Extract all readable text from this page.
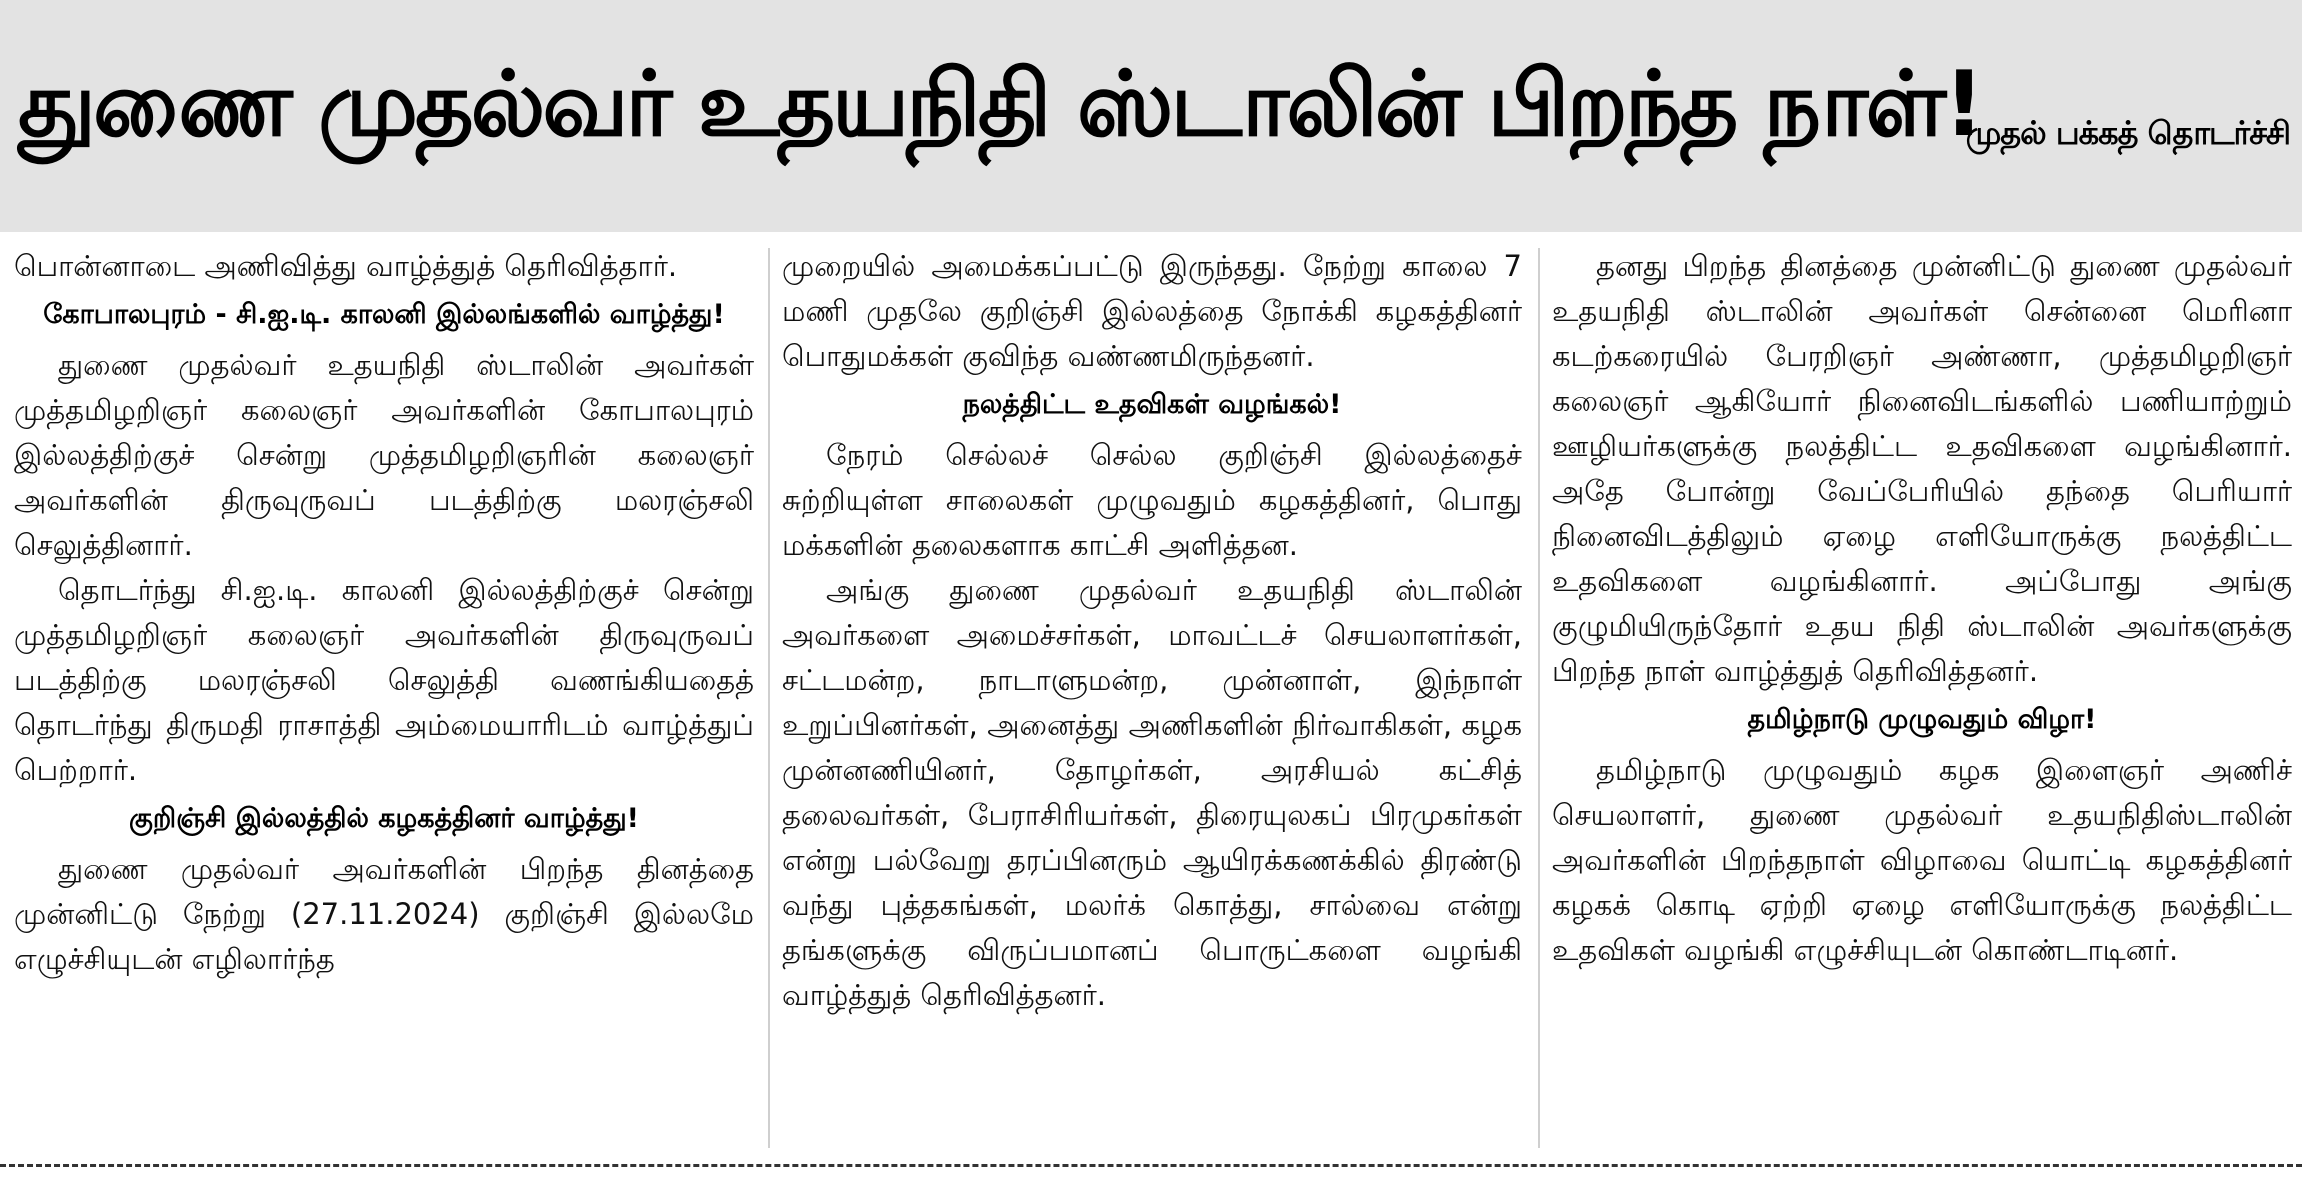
துணை முதல்வர் உதயநிதி ஸ்டாலின் பிறந்த நாள்!
முதல் பக்கத் தொடர்ச்சி

பொன்னாடை அணிவித்து வாழ்த்துத் தெரிவித்தார்.

கோபாலபுரம் - சி.ஐ.டி. காலனி இல்லங்களில் வாழ்த்து!

துணை முதல்வர் உதயநிதி ஸ்டாலின் அவர்கள் முத்தமிழறிஞர் கலைஞர் அவர்களின் கோபாலபுரம் இல்லத்திற்குச் சென்று முத்தமிழறிஞரின் கலைஞர் அவர்களின் திருவுருவப் படத்திற்கு மலரஞ்சலி செலுத்தினார்.

தொடர்ந்து சி.ஐ.டி. காலனி இல்லத்திற்குச் சென்று முத்தமிழறிஞர் கலைஞர் அவர்களின் திருவுருவப் படத்திற்கு மலரஞ்சலி செலுத்தி வணங்கியதைத் தொடர்ந்து திருமதி ராசாத்தி அம்மையாரிடம் வாழ்த்துப் பெற்றார்.

குறிஞ்சி இல்லத்தில் கழகத்தினர் வாழ்த்து!

துணை முதல்வர் அவர்களின் பிறந்த தினத்தை முன்னிட்டு நேற்று (27.11.2024) குறிஞ்சி இல்லமே எழுச்சியுடன் எழிலார்ந்த

முறையில் அமைக்கப்பட்டு இருந்தது. நேற்று காலை 7 மணி முதலே குறிஞ்சி இல்லத்தை நோக்கி கழகத்தினர் பொதுமக்கள் குவிந்த வண்ணமிருந்தனர்.

நலத்திட்ட உதவிகள் வழங்கல்!

நேரம் செல்லச் செல்ல குறிஞ்சி இல்லத்தைச் சுற்றியுள்ள சாலைகள் முழுவதும் கழகத்தினர், பொது மக்களின் தலைகளாக காட்சி அளித்தன.

அங்கு துணை முதல்வர் உதயநிதி ஸ்டாலின் அவர்களை அமைச்சர்கள், மாவட்டச் செயலாளர்கள், சட்டமன்ற, நாடாளுமன்ற, முன்னாள், இந்நாள் உறுப்பினர்கள், அனைத்து அணிகளின் நிர்வாகிகள், கழக முன்னணியினர், தோழர்கள், அரசியல் கட்சித் தலைவர்கள், பேராசிரியர்கள், திரையுலகப் பிரமுகர்கள் என்று பல்வேறு தரப்பினரும் ஆயிரக்கணக்கில் திரண்டு வந்து புத்தகங்கள், மலர்க் கொத்து, சால்வை என்று தங்களுக்கு விருப்பமானப் பொருட்களை வழங்கி வாழ்த்துத் தெரிவித்தனர்.

தனது பிறந்த தினத்தை முன்னிட்டு துணை முதல்வர் உதயநிதி ஸ்டாலின் அவர்கள் சென்னை மெரினா கடற்கரையில் பேரறிஞர் அண்ணா, முத்தமிழறிஞர் கலைஞர் ஆகியோர் நினைவிடங்களில் பணியாற்றும் ஊழியர்களுக்கு நலத்திட்ட உதவிகளை வழங்கினார். அதே போன்று வேப்பேரியில் தந்தை பெரியார் நினைவிடத்திலும் ஏழை எளியோருக்கு நலத்திட்ட உதவிகளை வழங்கினார். அப்போது அங்கு குழுமியிருந்தோர் உதய நிதி ஸ்டாலின் அவர்களுக்கு பிறந்த நாள் வாழ்த்துத் தெரிவித்தனர்.

தமிழ்நாடு முழுவதும் விழா!

தமிழ்நாடு முழுவதும் கழக இளைஞர் அணிச் செயலாளர், துணை முதல்வர் உதயநிதிஸ்டாலின் அவர்களின் பிறந்தநாள் விழாவை யொட்டி கழகத்தினர் கழகக் கொடி ஏற்றி ஏழை எளியோருக்கு நலத்திட்ட உதவிகள் வழங்கி எழுச்சியுடன் கொண்டாடினர்.
